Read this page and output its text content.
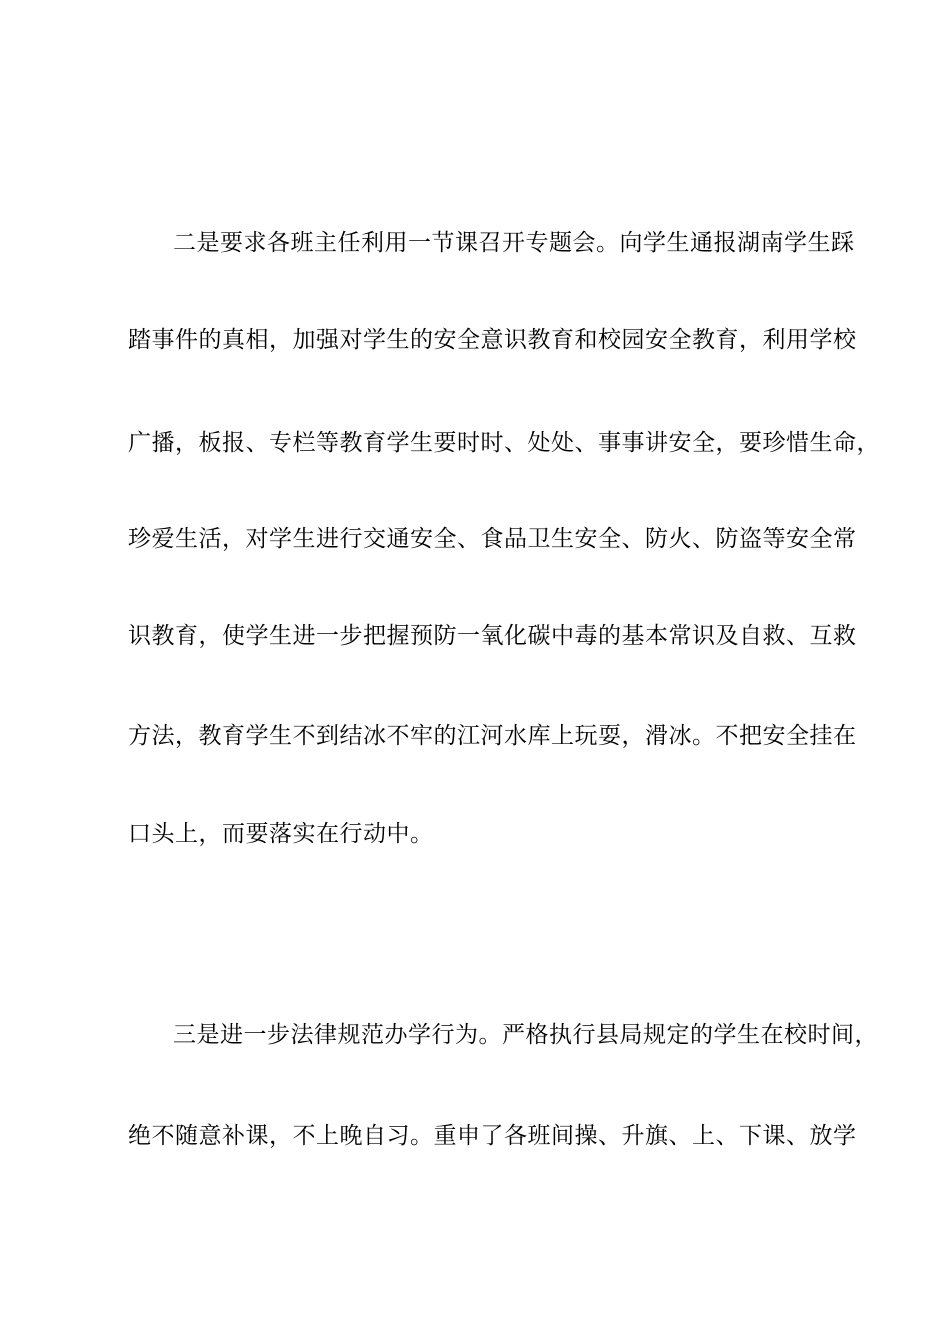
二是要求各班主任利用一节课召开专题会。向学生通报湖南学生踩
踏事件的真相，加强对学生的安全意识教育和校园安全教育，利用学校
广播，板报、专栏等教育学生要时时、处处、事事讲安全，要珍惜生命，
珍爱生活，对学生进行交通安全、食品卫生安全、防火、防盗等安全常
识教育，使学生进一步把握预防一氧化碳中毒的基本常识及自救、互救
方法，教育学生不到结冰不牢的江河水库上玩耍，滑冰。不把安全挂在
口头上，而要落实在行动中。
三是进一步法律规范办学行为。严格执行县局规定的学生在校时间，
绝不随意补课，不上晚自习。重申了各班间操、升旗、上、下课、放学
